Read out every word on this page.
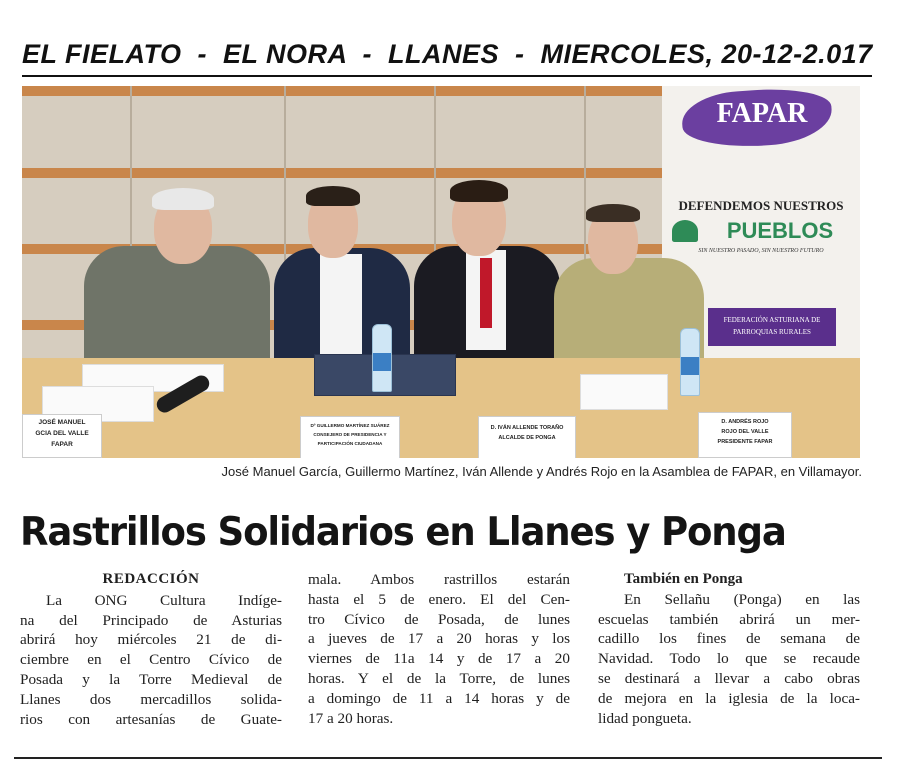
EL FIELATO  -  EL NORA  -  LLANES  -  MIERCOLES, 20-12-2.017
FAPAR
DEFENDEMOS NUESTROS
PUEBLOS
SIN NUESTRO PASADO, SIN NUESTRO FUTURO
FEDERACIÓN ASTURIANA DE
PARROQUIAS RURALES
JOSÉ MANUEL
GCIA DEL VALLE
FAPAR
Dº GUILLERMO MARTÍNEZ SUÁREZ
CONSEJERO DE PRESIDENCIA Y
PARTICIPACIÓN CIUDADANA
D. IVÁN ALLENDE TORAÑO
ALCALDE DE PONGA
D. ANDRÉS ROJO
ROJO DEL VALLE
PRESIDENTE FAPAR
José Manuel García, Guillermo Martínez, Iván Allende y Andrés Rojo en la Asamblea de FAPAR, en Villamayor.
Rastrillos Solidarios en Llanes y Ponga
REDACCIÓN
La ONG Cultura Indíge-
na del Principado de Asturias
abrirá hoy miércoles 21 de di-
ciembre en el Centro Cívico de
Posada y la Torre Medieval de
Llanes dos mercadillos solida-
rios con artesanías de Guate-
mala. Ambos rastrillos estarán
hasta el 5 de enero. El del Cen-
tro Cívico de Posada, de lunes
a jueves de 17 a 20 horas y los
viernes de 11a 14 y de 17 a 20
horas. Y el de la Torre, de lunes
a domingo de 11 a 14 horas y de
17 a 20 horas.
También en Ponga
En Sellañu (Ponga) en las
escuelas también abrirá un mer-
cadillo los fines de semana de
Navidad. Todo lo que se recaude
se destinará a llevar a cabo obras
de mejora en la iglesia de la loca-
lidad pongueta.
